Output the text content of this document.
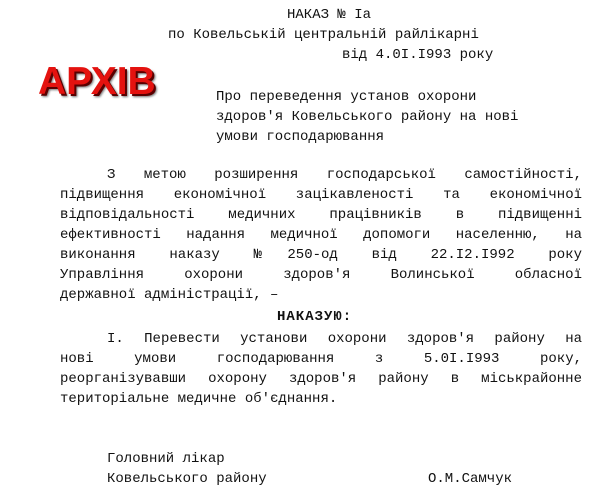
АРХІВ
НАКАЗ № Iа
по Ковельській центральній райлікарні
від 4.0I.I993 року
Про переведення установ охорони
здоров'я Ковельського району на нові
умови господарювання
З метою розширення господарської самостійності,
підвищення економічної зацікавленості та економічної
відповідальності медичних працівників в підвищенні
ефективності надання медичної допомоги населенню, на
виконання наказу №250-од від 22.I2.I992 року
Управління охорони здоров'я Волинської обласної
державної адміністрації, –
НАКАЗУЮ:
I. Перевести установи охорони здоров'я району на
нові умови господарювання з 5.0I.I993 року,
реорганізувавши охорону здоров'я району в міськрайонне
територіальне медичне об'єднання.
Головний лікар
Ковельського району	О.М.Самчук
